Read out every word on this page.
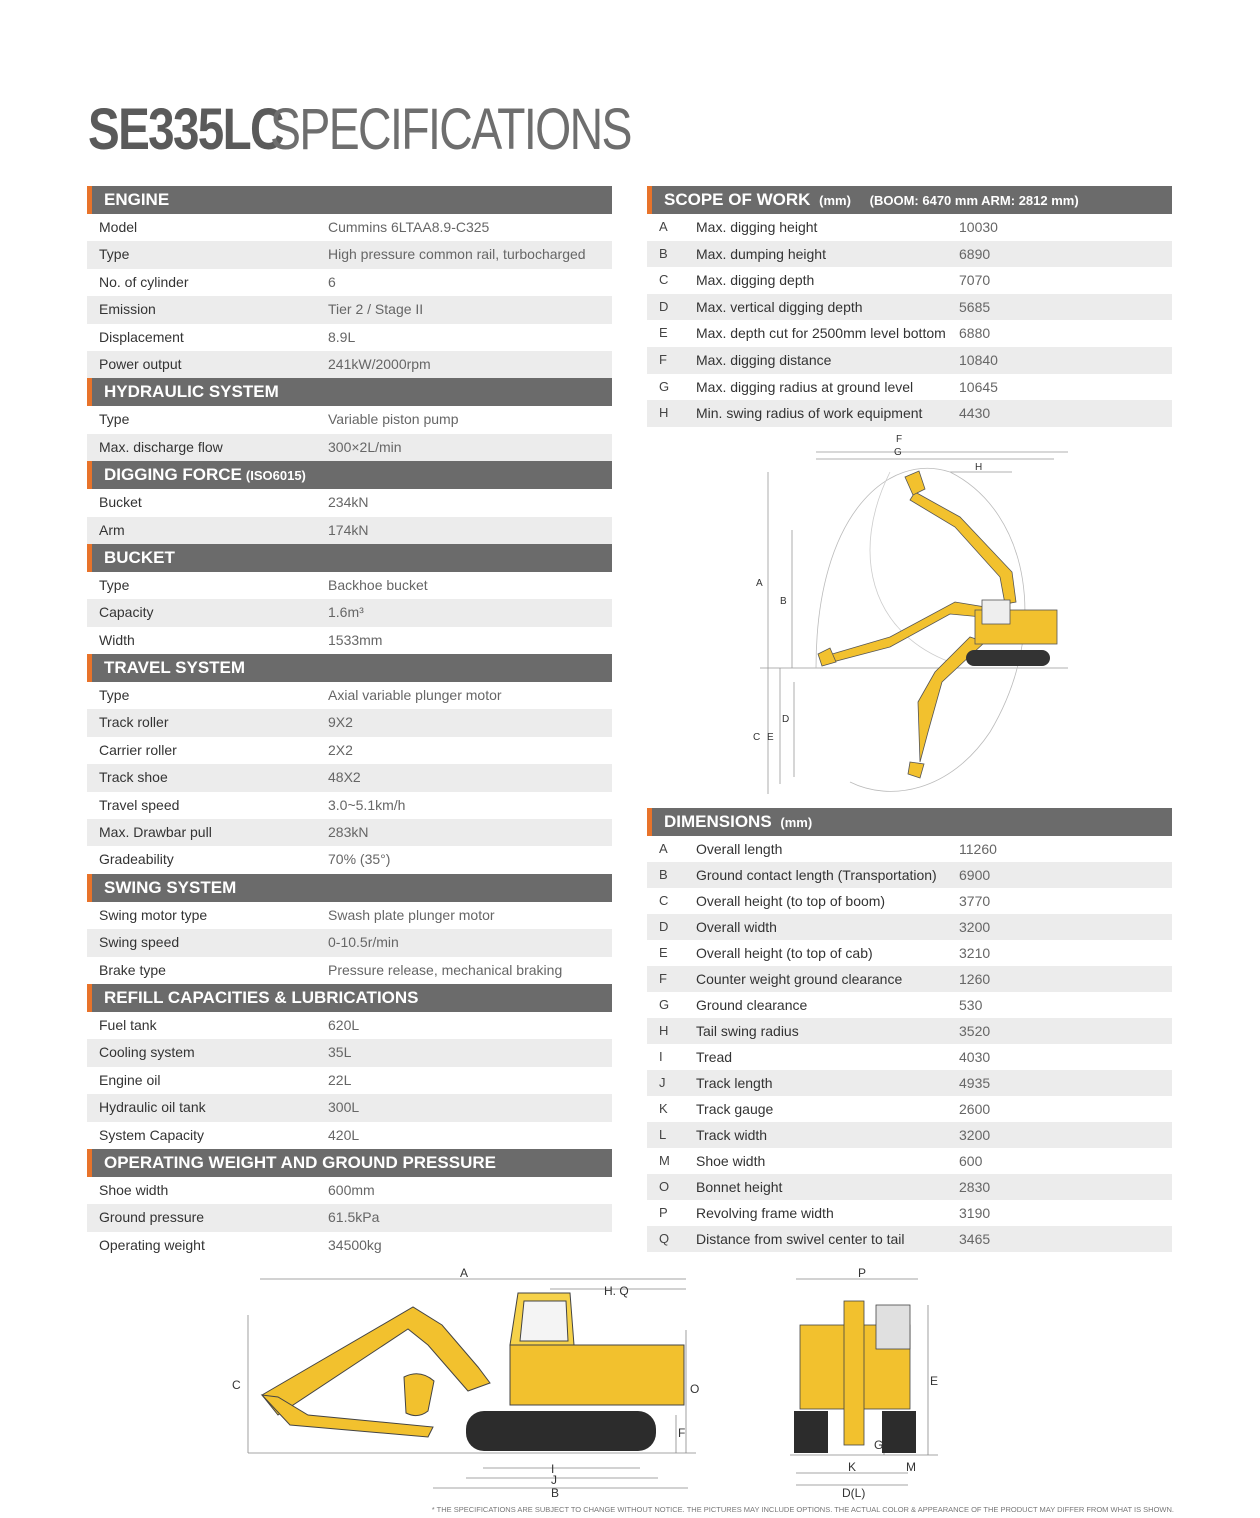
SE335LC SPECIFICATIONS
ENGINE
Model	Cummins 6LTAA8.9-C325
Type	High pressure common rail, turbocharged
No. of cylinder	6
Emission	Tier 2 / Stage II
Displacement	8.9L
Power output	241kW/2000rpm
HYDRAULIC SYSTEM
Type	Variable piston pump
Max. discharge flow	300×2L/min
DIGGING FORCE (ISO6015)
Bucket	234kN
Arm	174kN
BUCKET
Type	Backhoe bucket
Capacity	1.6m³
Width	1533mm
TRAVEL SYSTEM
Type	Axial variable plunger motor
Track roller	9X2
Carrier roller	2X2
Track shoe	48X2
Travel speed	3.0~5.1km/h
Max. Drawbar pull	283kN
Gradeability	70% (35°)
SWING SYSTEM
Swing motor type	Swash plate plunger motor
Swing speed	0-10.5r/min
Brake type	Pressure release, mechanical braking
REFILL CAPACITIES & LUBRICATIONS
Fuel tank	620L
Cooling system	35L
Engine oil	22L
Hydraulic oil tank	300L
System Capacity	420L
OPERATING WEIGHT AND GROUND PRESSURE
Shoe width	600mm
Ground pressure	61.5kPa
Operating weight	34500kg
SCOPE OF WORK (mm) (BOOM: 6470 mm ARM: 2812 mm)
A Max. digging height	10030
B Max. dumping height	6890
C Max. digging depth	7070
D Max. vertical digging depth	5685
E Max. depth cut for 2500mm level bottom 6880
F Max. digging distance	10840
G Max. digging radius at ground level	10645
H Min. swing radius of work equipment	4430
F
G
H
A
B
C E
D
DIMENSIONS (mm)
A Overall length	11260
B Ground contact length (Transportation) 6900
C Overall height (to top of boom)	3770
D Overall width	3200
E Overall height (to top of cab)	3210
F Counter weight ground clearance	1260
G Ground clearance	530
H Tail swing radius	3520
I Tread	4030
J Track length	4935
K Track gauge	2600
L Track width	3200
M Shoe width	600
O Bonnet height	2830
P Revolving frame width	3190
Q Distance from swivel center to tail	3465
A
H. Q
C	O
F
I
J
B
P
E
G
K	M
D(L)
* THE SPECIFICATIONS ARE SUBJECT TO CHANGE WITHOUT NOTICE. THE PICTURES MAY INCLUDE OPTIONS. THE ACTUAL COLOR & APPEARANCE OF THE PRODUCT MAY DIFFER FROM WHAT IS SHOWN.
